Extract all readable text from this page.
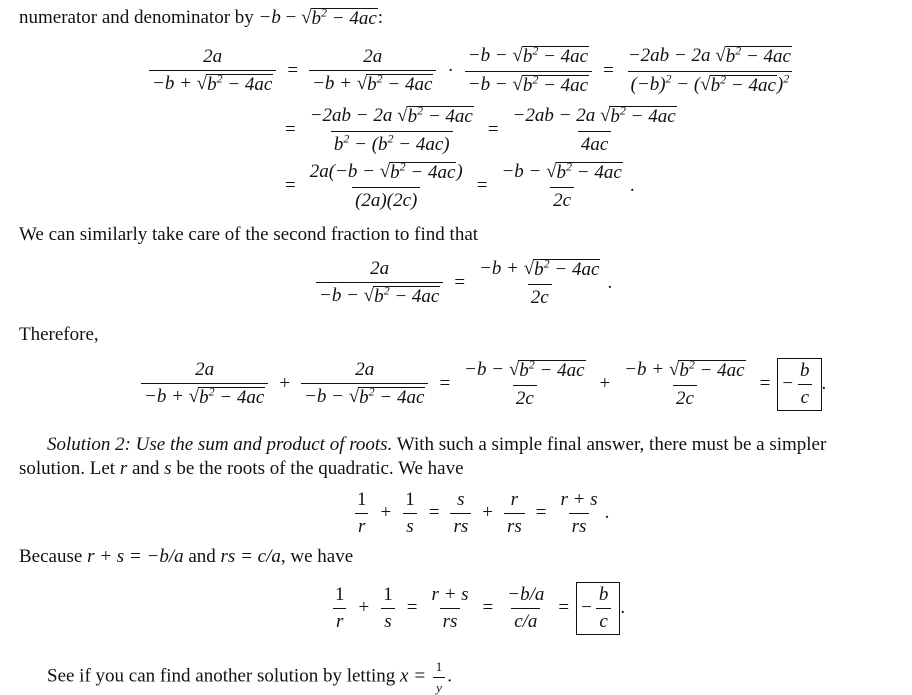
numerator and denominator by −b − √ $b^2 - 4ac$ :
$\frac{2a}{-b + √ b^2 - 4ac} = \frac{2a}{-b + √ b^2 - 4ac} \cdot \frac{-b - √ b^2 - 4ac}{-b - √ b^2 - 4ac} = \frac{-2ab - 2a √ b^2 - 4ac}{(-b)^2 - ( √ b^2 - 4ac )^2}$
= $\frac{-2ab - 2a √ b^2 - 4ac}{b^2 - (b^2 - 4ac)} = \frac{-2ab - 2a √ b^2 - 4ac}{4ac}$
= $\frac{2a(-b - √ b^2 - 4ac )}{(2a)(2c)} = \frac{-b - √ b^2 - 4ac}{2c}$ .
We can similarly take care of the second fraction to find that
$\frac{2a}{-b - √ b^2 - 4ac} = \frac{-b + √ b^2 - 4ac}{2c}$ .
Therefore,
$\frac{2a}{-b + √ b^2 - 4ac} + \frac{2a}{-b - √ b^2 - 4ac} = \frac{-b - √ b^2 - 4ac}{2c} + \frac{-b + √ b^2 - 4ac}{2c}$ = − $\frac{b}{c}$ .
Solution 2: Use the sum and product of roots. With such a simple final answer, there must be a simpler
solution. Let r and s be the roots of the quadratic. We have
$\frac{1}{r} + \frac{1}{s} = \frac{s}{rs} + \frac{r}{rs} = \frac{r + s}{rs}$ .
Because r + s = −b/a and rs = c/a, we have
$\frac{1}{r} + \frac{1}{s} = \frac{r + s}{rs} = \frac{-b/a}{c/a}$ = − $\frac{b}{c}$ .
See if you can find another solution by letting $x = \frac{1}{y}$ .
